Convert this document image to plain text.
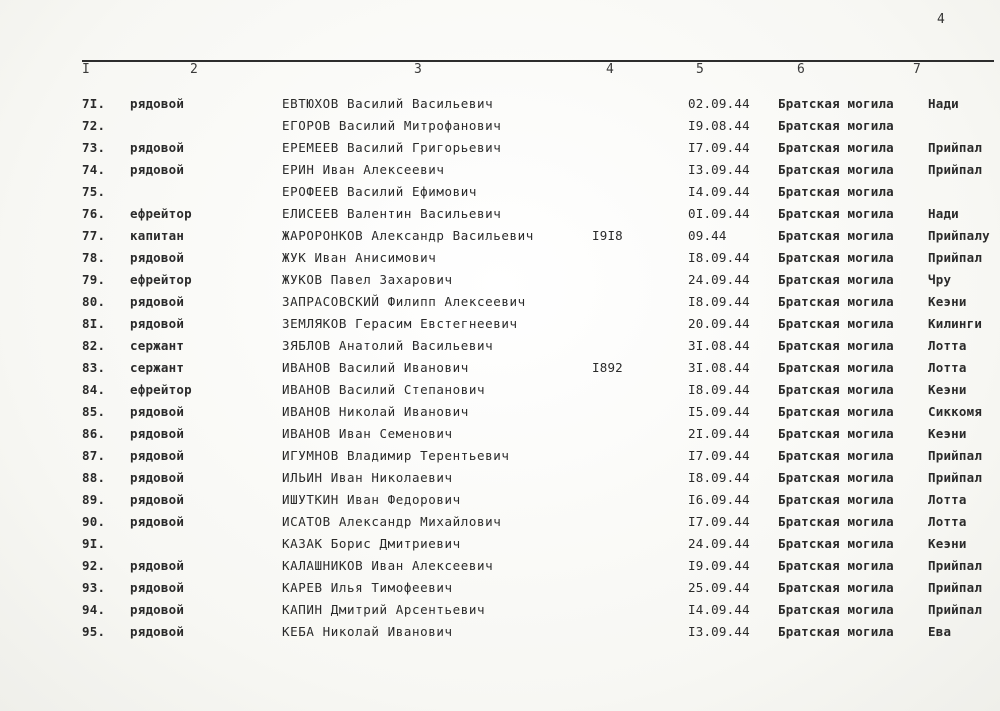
4
I	2	3	4	5	6	7
7I. рядовой	ЕВТЮХОВ Василий Васильевич	02.09.44 Братская могила	Нади
72.	ЕГОРОВ Василий Митрофанович	I9.08.44 Братская могила
73. рядовой	ЕРЕМЕЕВ Василий Григорьевич	I7.09.44 Братская могила	Прийпал
74. рядовой	ЕРИН Иван Алексеевич	I3.09.44 Братская могила	Прийпал
75.	ЕРОФЕЕВ Василий Ефимович	I4.09.44 Братская могила
76. ефрейтор	ЕЛИСЕЕВ Валентин Васильевич	0I.09.44 Братская могила	Нади
77. капитан	ЖАРОРОНКОВ Александр Васильевич	I9I8	09.44	Братская могила	Прийпалу
78. рядовой	ЖУК Иван Анисимович	I8.09.44 Братская могила	Прийпал
79. ефрейтор	ЖУКОВ Павел Захарович	24.09.44 Братская могила	Чру
80. рядовой	ЗАПРАСОВСКИЙ Филипп Алексеевич	I8.09.44 Братская могила	Кеэни
8I. рядовой	ЗЕМЛЯКОВ Герасим Евстегнеевич	20.09.44 Братская могила	Килинги
82. сержант	ЗЯБЛОВ Анатолий Васильевич	3I.08.44 Братская могила	Лотта
83. сержант	ИВАНОВ Василий Иванович	I892	3I.08.44 Братская могила	Лотта
84. ефрейтор	ИВАНОВ Василий Степанович	I8.09.44 Братская могила	Кеэни
85. рядовой	ИВАНОВ Николай Иванович	I5.09.44 Братская могила	Сиккомя
86. рядовой	ИВАНОВ Иван Семенович	2I.09.44 Братская могила	Кеэни
87. рядовой	ИГУМНОВ Владимир Терентьевич	I7.09.44 Братская могила	Прийпал
88. рядовой	ИЛЬИН Иван Николаевич	I8.09.44 Братская могила	Прийпал
89. рядовой	ИШУТКИН Иван Федорович	I6.09.44 Братская могила	Лотта
90. рядовой	ИСАТОВ Александр Михайлович	I7.09.44 Братская могила	Лотта
9I.	КАЗАК Борис Дмитриевич	24.09.44 Братская могила	Кеэни
92. рядовой	КАЛАШНИКОВ Иван Алексеевич	I9.09.44 Братская могила	Прийпал
93. рядовой	КАРЕВ Илья Тимофеевич	25.09.44 Братская могила	Прийпал
94. рядовой	КАПИН Дмитрий Арсентьевич	I4.09.44 Братская могила	Прийпал
95. рядовой	КЕБА Николай Иванович	I3.09.44 Братская могила	Ева
